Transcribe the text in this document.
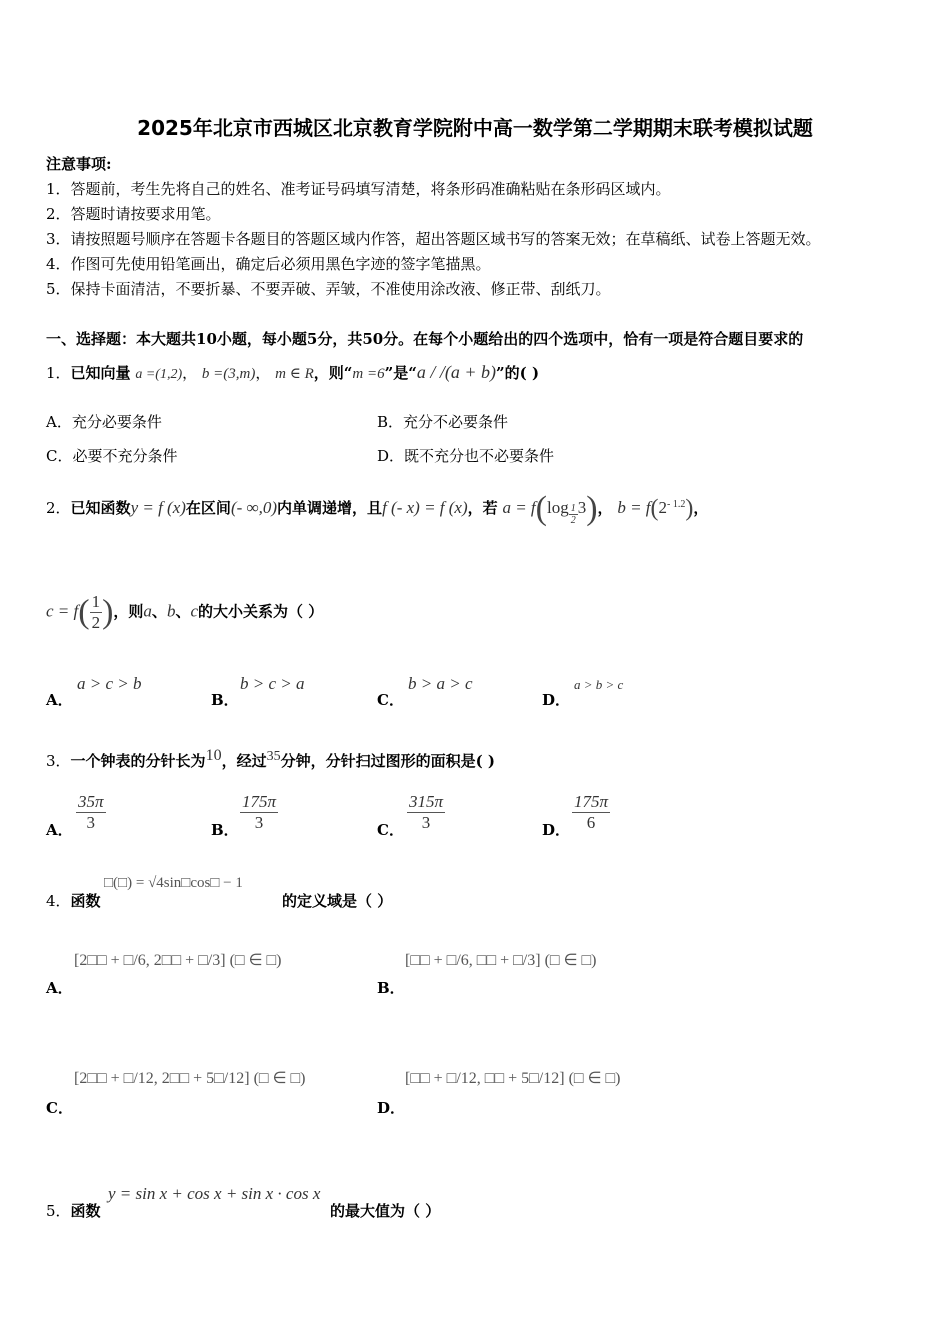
2025年北京市西城区北京教育学院附中高一数学第二学期期末联考模拟试题
注意事项:
1．答题前，考生先将自己的姓名、准考证号码填写清楚，将条形码准确粘贴在条形码区域内。
2．答题时请按要求用笔。
3．请按照题号顺序在答题卡各题目的答题区域内作答，超出答题区域书写的答案无效；在草稿纸、试卷上答题无效。
4．作图可先使用铅笔画出，确定后必须用黑色字迹的签字笔描黑。
5．保持卡面清洁，不要折暴、不要弄破、弄皱，不准使用涂改液、修正带、刮纸刀。
一、选择题：本大题共10小题，每小题5分，共50分。在每个小题给出的四个选项中，恰有一项是符合题目要求的
1．已知向量 a =(1,2)， b =(3,m)， m ∈ R，则“m =6”是“a / /(a + b)”的( )
A．充分必要条件	B．充分不必要条件
C．必要不充分条件	D．既不充分也不必要条件
2．已知函数y = f (x)在区间(- ∞,0)内单调递增，且f (- x) = f (x)，若 $a = f(\log \frac{1}{2} 3)$， $b = f(2^{- 1.2})$，
$c = f( \frac{1}{2}$ )，则a、b、c的大小关系为（ ）
A．
a > c > b
B．
b > c > a
C．
b > a > c
D．
a > b > c
3．一个钟表的分针长为$^{10}$，经过$^{35}$分钟，分针扫过图形的面积是( )
A． $\frac{35\pi}{3}$	B． $\frac{175\pi}{3}$	C． $\frac{315\pi}{3}$	D． $\frac{175\pi}{6}$
4．函数
□(□) = √4sin□cos□ − 1
的定义域是（ ）
A．
[2□□ + □/6, 2□□ + □/3] (□ ∈ □)
B．
[□□ + □/6, □□ + □/3] (□ ∈ □)
C．
[2□□ + □/12, 2□□ + 5□/12] (□ ∈ □)
D．
[□□ + □/12, □□ + 5□/12] (□ ∈ □)
5．函数
y = sin x + cos x + sin x · cos x
的最大值为（ ）
